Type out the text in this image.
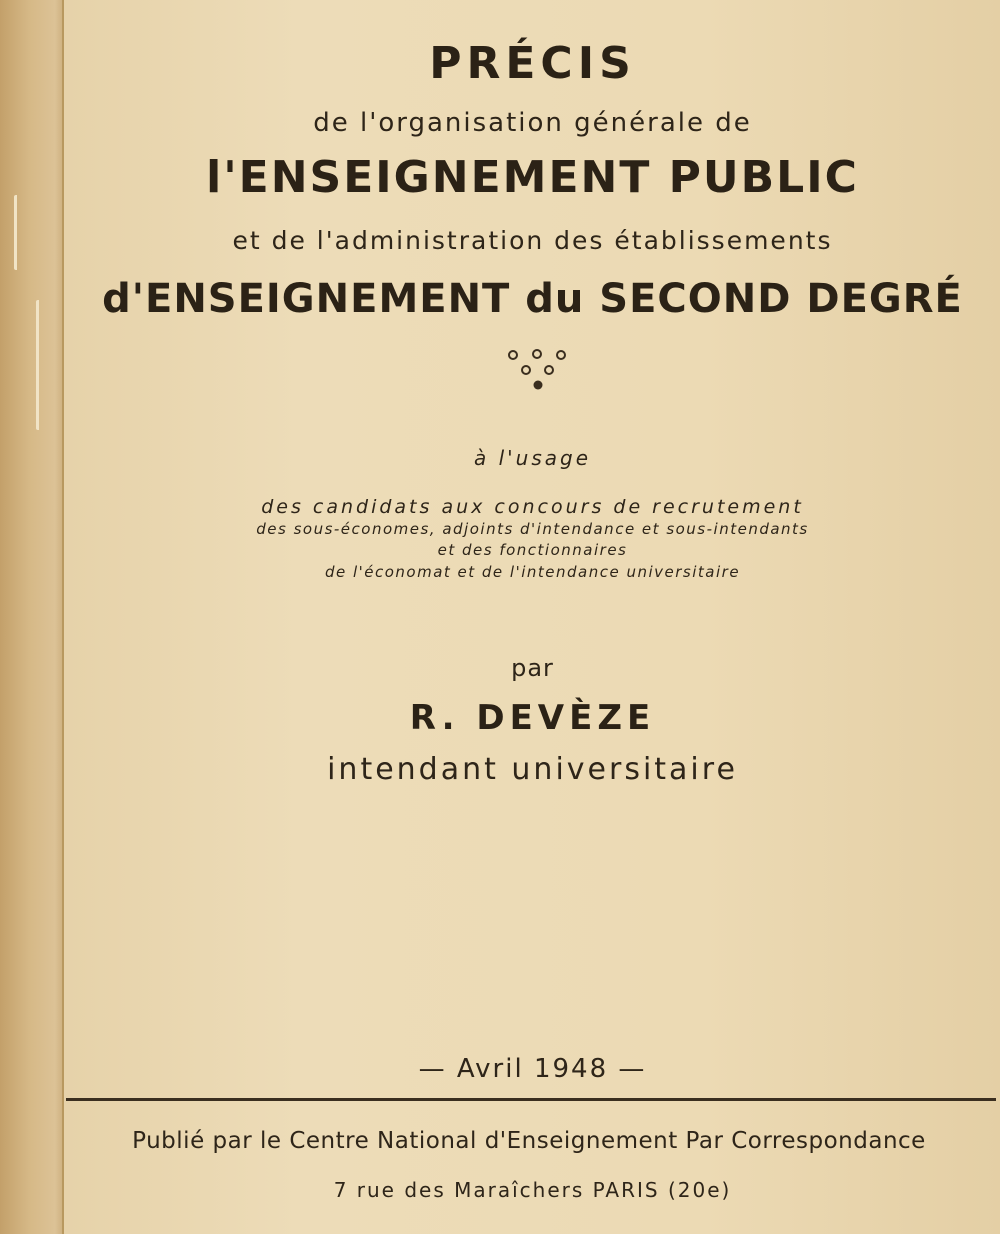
PRÉCIS

de l'organisation générale de

l'ENSEIGNEMENT PUBLIC

et de l'administration des établissements

d'ENSEIGNEMENT du SECOND DEGRÉ

à l'usage

des candidats aux concours de recrutement

des sous-économes, adjoints d'intendance et sous-intendants

et des fonctionnaires

de l'économat et de l'intendance universitaire

par

R. DEVÈZE

intendant universitaire

— Avril 1948 —

Publié par le Centre National d'Enseignement Par Correspondance

7 rue des Maraîchers PARIS (20e)
